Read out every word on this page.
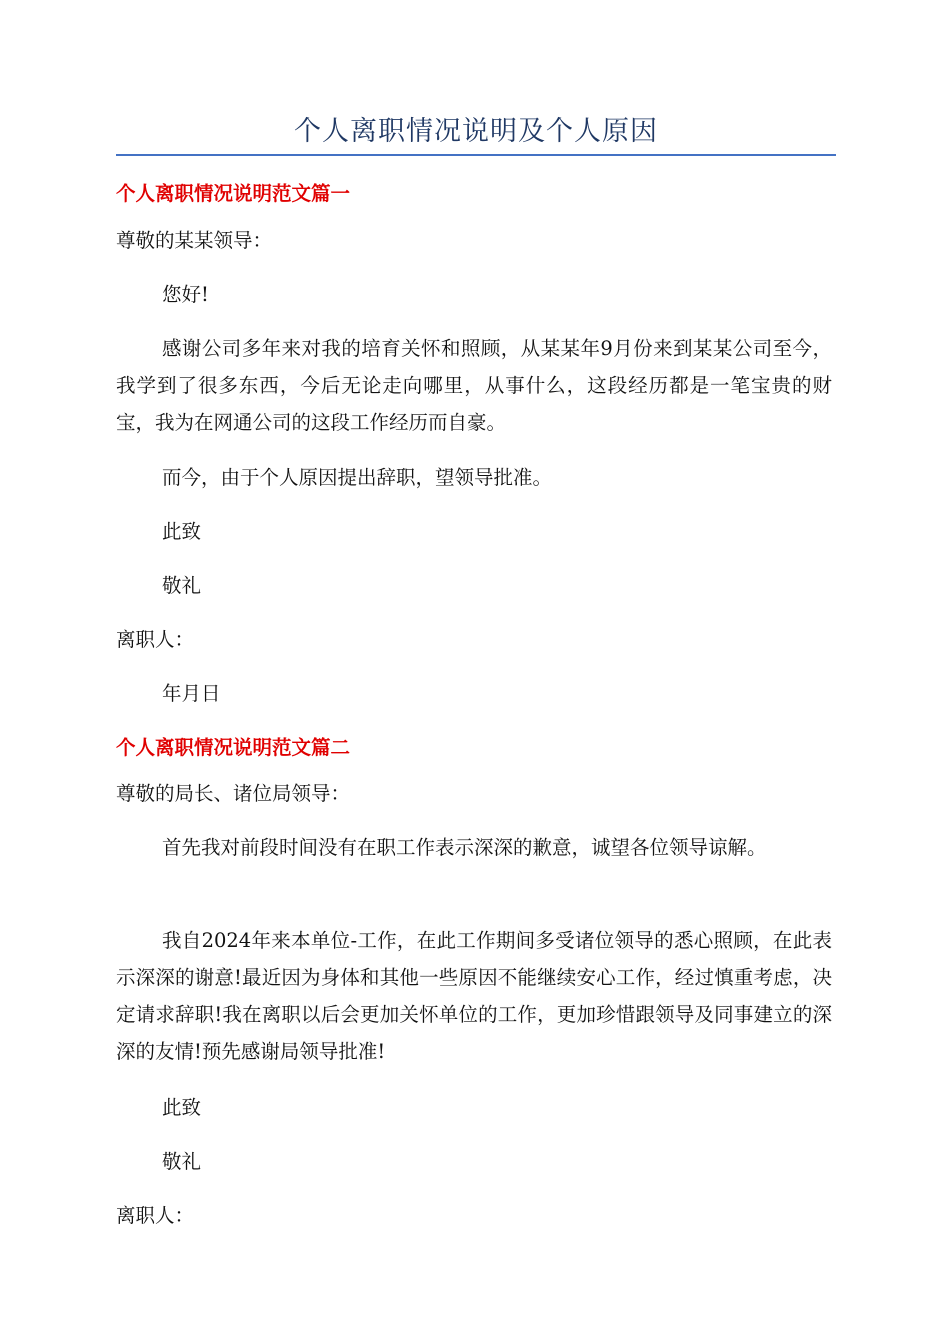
个人离职情况说明及个人原因
个人离职情况说明范文篇一
尊敬的某某领导：
您好!

感谢公司多年来对我的培育关怀和照顾，从某某年9月份来到某某公司至今，我学到了很多东西，今后无论走向哪里，从事什么，这段经历都是一笔宝贵的财宝，我为在网通公司的这段工作经历而自豪。

而今，由于个人原因提出辞职，望领导批准。
此致
敬礼
离职人：
年月日
个人离职情况说明范文篇二
尊敬的局长、诸位局领导：

首先我对前段时间没有在职工作表示深深的歉意，诚望各位领导谅解。

我自2024年来本单位-工作，在此工作期间多受诸位领导的悉心照顾，在此表示深深的谢意!最近因为身体和其他一些原因不能继续安心工作，经过慎重考虑，决定请求辞职!我在离职以后会更加关怀单位的工作，更加珍惜跟领导及同事建立的深深的友情!预先感谢局领导批准!

此致
敬礼
离职人：
